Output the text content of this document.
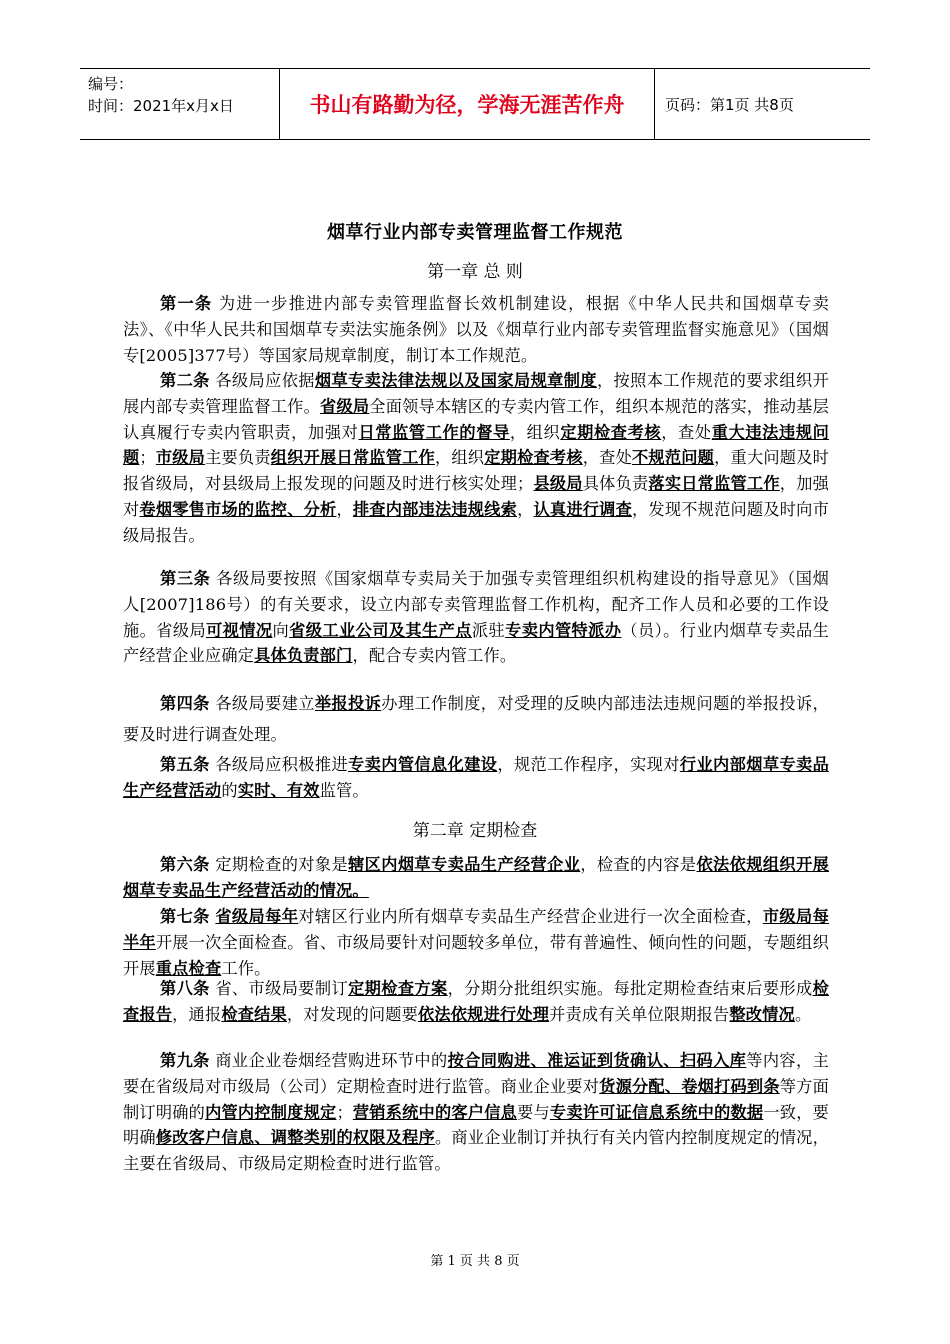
编号：
时间：2021年x月x日	书山有路勤为径，学海无涯苦作舟	页码：第1页 共8页
烟草行业内部专卖管理监督工作规范
第一章 总 则
第二章 定期检查

第一条 为进一步推进内部专卖管理监督长效机制建设，根据《中华人民共和国烟草专卖法》、《中华人民共和国烟草专卖法实施条例》以及《烟草行业内部专卖管理监督实施意见》（国烟专[2005]377号）等国家局规章制度，制订本工作规范。

第二条 各级局应依据烟草专卖法律法规以及国家局规章制度，按照本工作规范的要求组织开展内部专卖管理监督工作。省级局全面领导本辖区的专卖内管工作，组织本规范的落实，推动基层认真履行专卖内管职责，加强对日常监管工作的督导，组织定期检查考核，查处重大违法违规问题；市级局主要负责组织开展日常监管工作，组织定期检查考核，查处不规范问题，重大问题及时报省级局，对县级局上报发现的问题及时进行核实处理；县级局具体负责落实日常监管工作，加强对卷烟零售市场的监控、分析，排查内部违法违规线索，认真进行调查，发现不规范问题及时向市级局报告。

第三条 各级局要按照《国家烟草专卖局关于加强专卖管理组织机构建设的指导意见》（国烟人[2007]186号）的有关要求，设立内部专卖管理监督工作机构，配齐工作人员和必要的工作设施。省级局可视情况向省级工业公司及其生产点派驻专卖内管特派办（员）。行业内烟草专卖品生产经营企业应确定具体负责部门，配合专卖内管工作。

第四条 各级局要建立举报投诉办理工作制度，对受理的反映内部违法违规问题的举报投诉，要及时进行调查处理。

第五条 各级局应积极推进专卖内管信息化建设，规范工作程序，实现对行业内部烟草专卖品生产经营活动的实时、有效监管。

第六条 定期检查的对象是辖区内烟草专卖品生产经营企业，检查的内容是依法依规组织开展烟草专卖品生产经营活动的情况。

第七条 省级局每年对辖区行业内所有烟草专卖品生产经营企业进行一次全面检查，市级局每半年开展一次全面检查。省、市级局要针对问题较多单位，带有普遍性、倾向性的问题，专题组织开展重点检查工作。

第八条 省、市级局要制订定期检查方案，分期分批组织实施。每批定期检查结束后要形成检查报告，通报检查结果，对发现的问题要依法依规进行处理并责成有关单位限期报告整改情况。

第九条 商业企业卷烟经营购进环节中的按合同购进、准运证到货确认、扫码入库等内容，主要在省级局对市级局（公司）定期检查时进行监管。商业企业要对货源分配、卷烟打码到条等方面制订明确的内管内控制度规定；营销系统中的客户信息要与专卖许可证信息系统中的数据一致，要明确修改客户信息、调整类别的权限及程序。商业企业制订并执行有关内管内控制度规定的情况，主要在省级局、市级局定期检查时进行监管。

第 1 页 共 8 页
